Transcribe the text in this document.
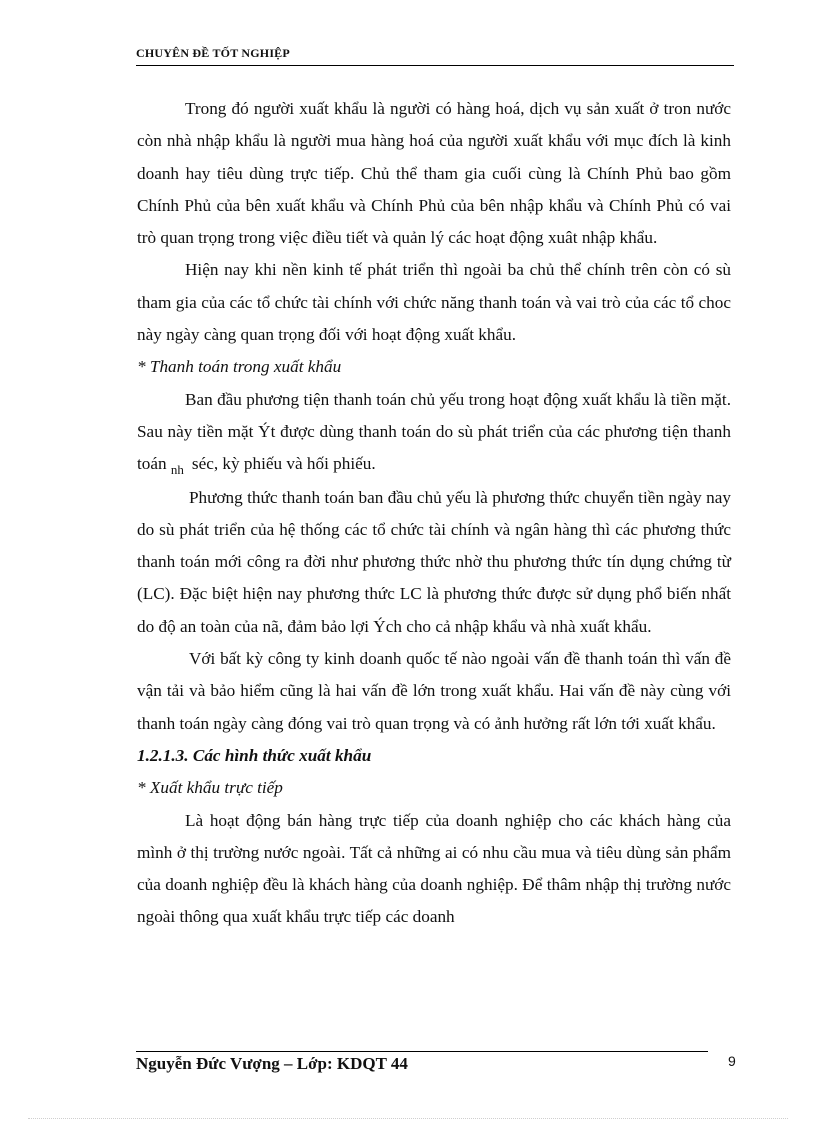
CHUYÊN ĐỀ TỐT NGHIỆP

Trong đó người xuất khẩu là người có hàng hoá, dịch vụ sản xuất ở tron nước còn nhà nhập khẩu là người mua hàng hoá của người xuất khẩu với mục đích là kinh doanh hay tiêu dùng trực tiếp. Chủ thể tham gia cuối cùng là Chính Phủ bao gồm Chính Phủ của bên xuất khẩu và Chính Phủ của bên nhập khẩu và Chính Phủ có vai trò quan trọng trong việc điều tiết và quản lý các hoạt động xuât nhập khẩu.

Hiện nay khi nền kinh tế phát triển thì ngoài ba chủ thể chính trên còn có sù tham gia của các tổ chức tài chính với chức năng thanh toán và vai trò của các tổ choc này ngày càng quan trọng đối với hoạt động xuất khẩu.

* Thanh toán trong xuất khẩu

Ban đầu phương tiện thanh toán chủ yếu trong hoạt động xuất khẩu là tiền mặt. Sau này tiền mặt Ýt được dùng thanh toán do sù phát triển của các phương tiện thanh toán $_{nh}$ séc, kỳ phiếu và hối phiếu.

Phương thức thanh toán ban đầu chủ yếu là phương thức chuyển tiền ngày nay do sù phát triển của hệ thống các tổ chức tài chính và ngân hàng thì các phương thức thanh toán mới công ra đời như phương thức nhờ thu phương thức tín dụng chứng từ (LC). Đặc biệt hiện nay phương thức LC là phương thức được sử dụng phổ biến nhất do độ an toàn của nã, đảm bảo lợi Ých cho cả nhập khẩu và nhà xuất khẩu.

Với bất kỳ công ty kinh doanh quốc tế nào ngoài vấn đề thanh toán thì vấn đề vận tải và bảo hiểm cũng là hai vấn đề lớn trong xuất khẩu. Hai vấn đề này cùng với thanh toán ngày càng đóng vai trò quan trọng và có ảnh hưởng rất lớn tới xuất khẩu.

1.2.1.3. Các hình thức xuất khẩu

* Xuất khẩu trực tiếp

Là hoạt động bán hàng trực tiếp của doanh nghiệp cho các khách hàng của mình ở thị trường nước ngoài. Tất cả những ai có nhu cầu mua và tiêu dùng sản phẩm của doanh nghiệp đều là khách hàng của doanh nghiệp. Để thâm nhập thị trường nước ngoài thông qua xuất khẩu trực tiếp các doanh

Nguyễn Đức Vượng – Lớp: KDQT 44	9
